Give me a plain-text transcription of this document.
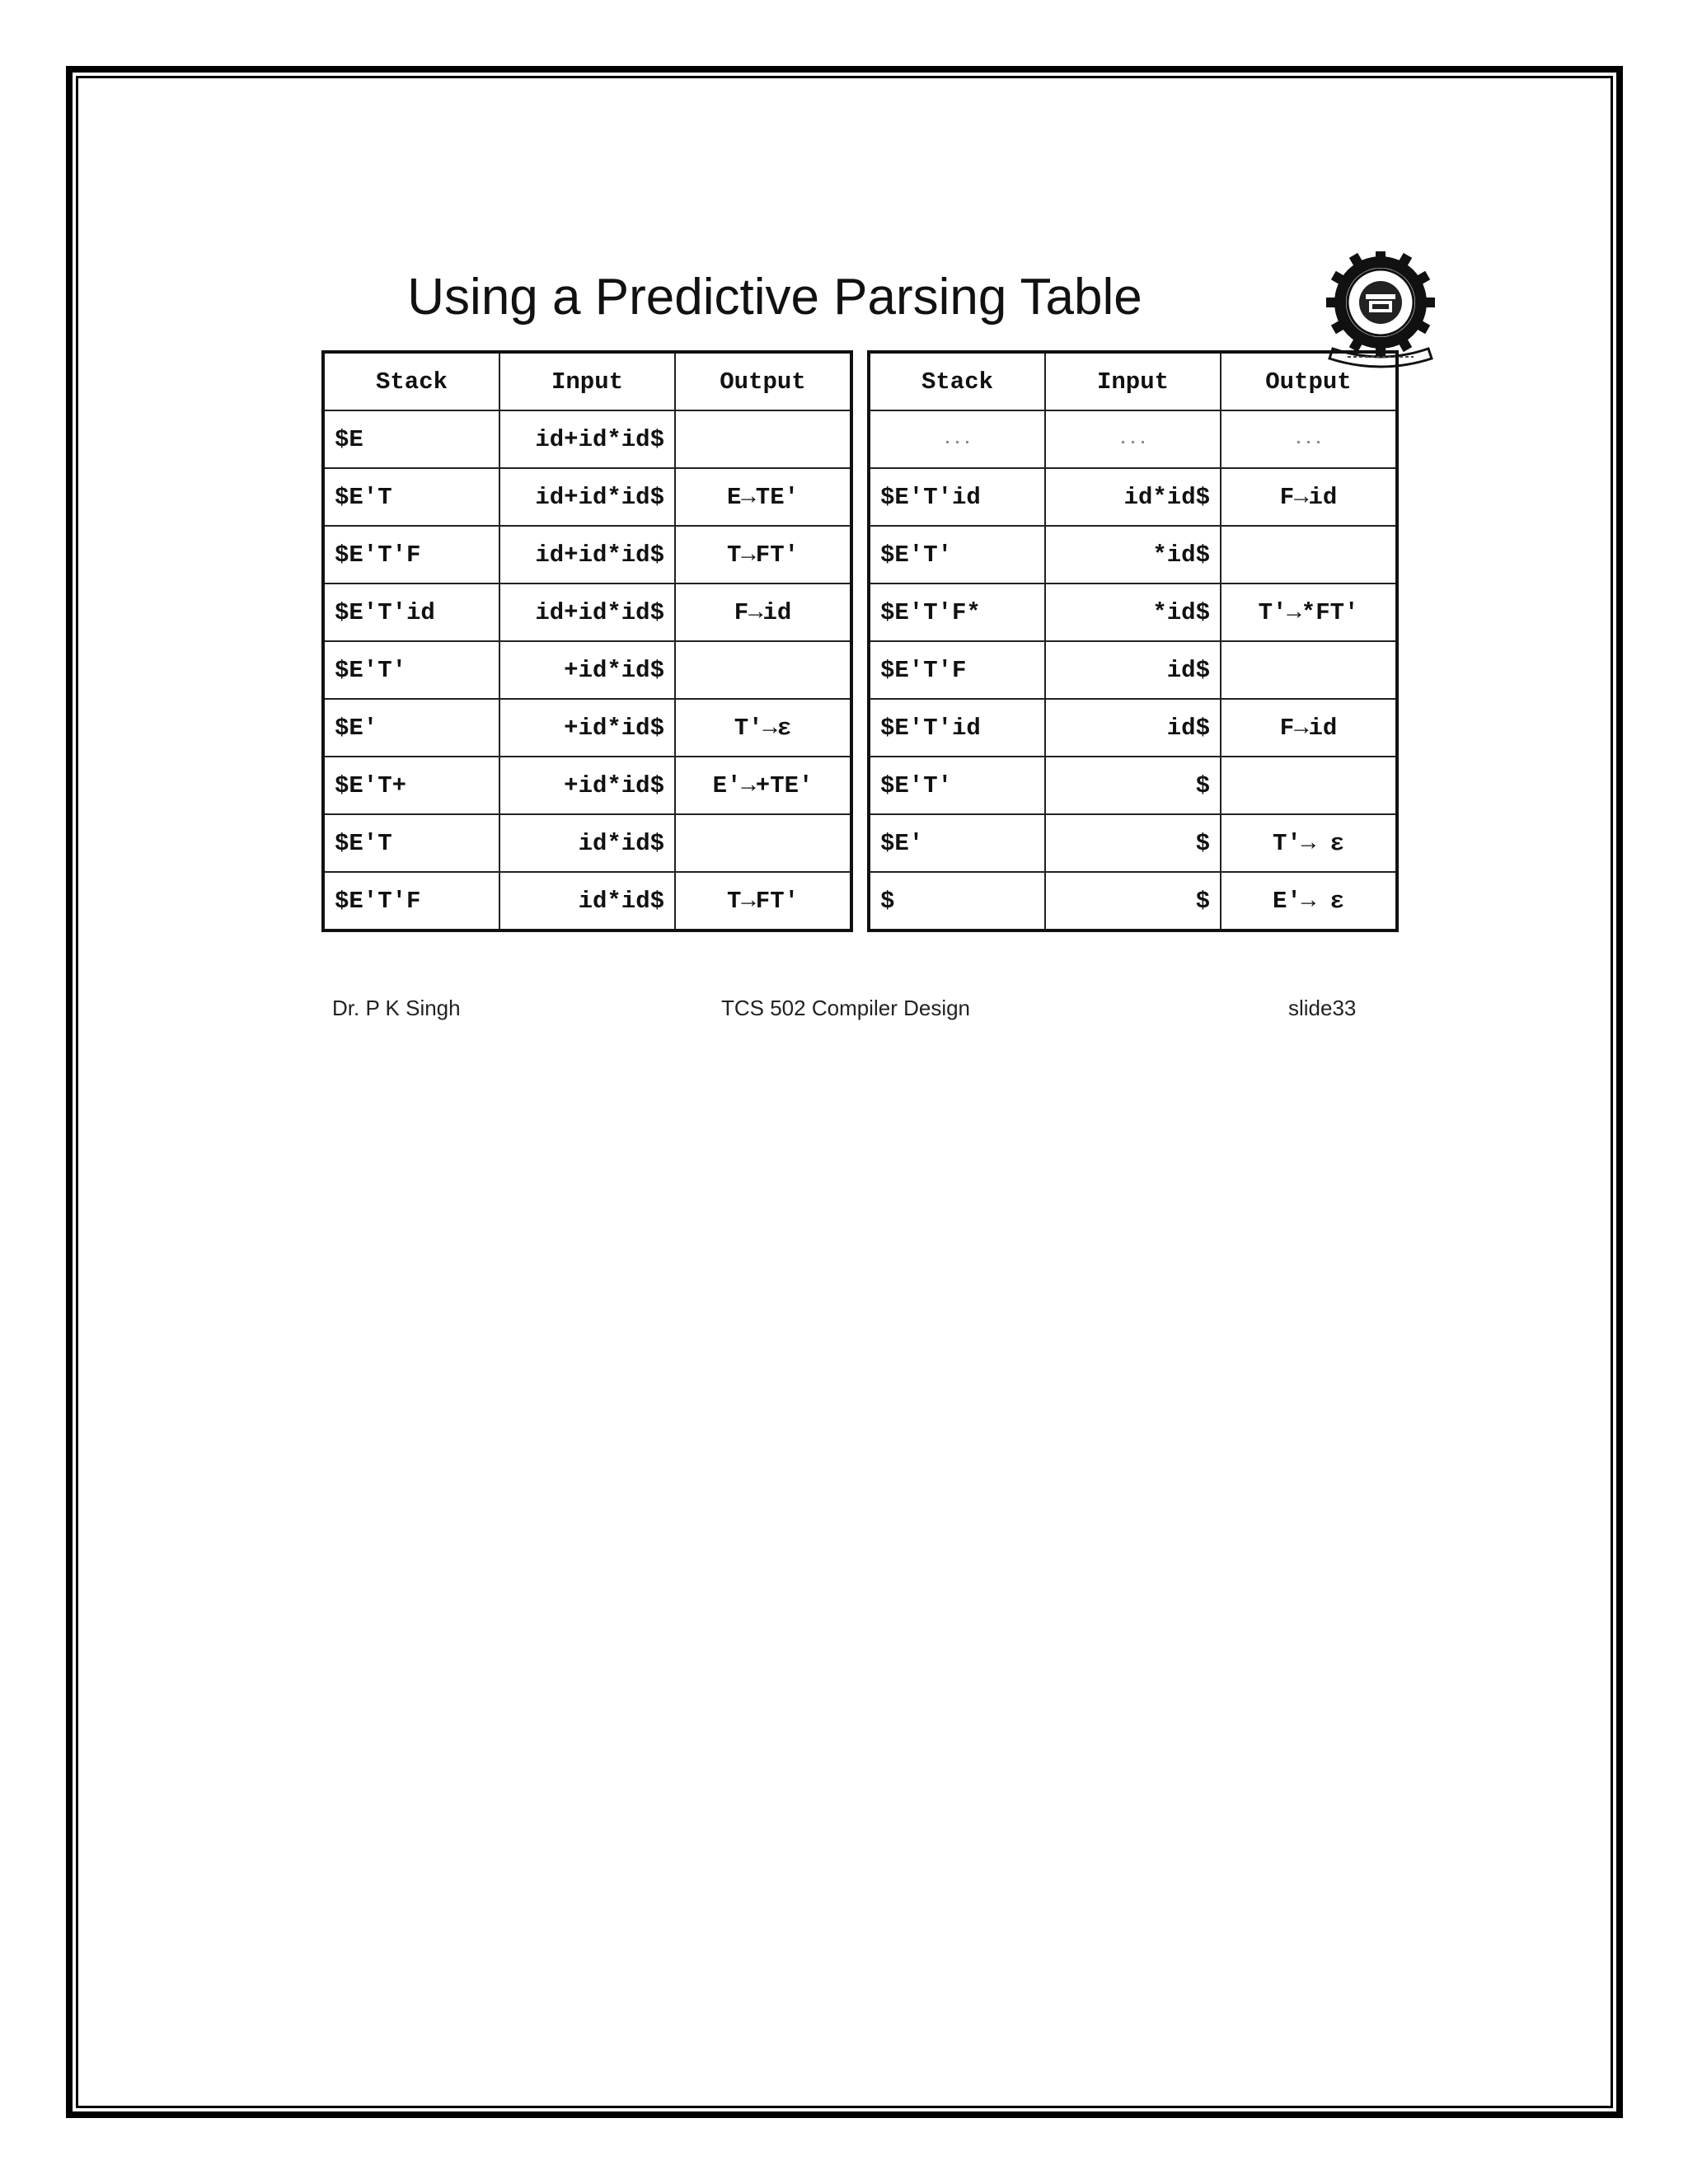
Using a Predictive Parsing Table
Stack	Input	Output
$E	id+id*id$	
$E′T	id+id*id$	E→TE′
$E′T′F	id+id*id$	T→FT′
$E′T′id	id+id*id$	F→id
$E′T′	+id*id$	
$E′	+id*id$	T′→ε
$E′T+	+id*id$	E′→+TE′
$E′T	id*id$	
$E′T′F	id*id$	T→FT′
Stack	Input	Output
...	...	...
$E′T′id	id*id$	F→id
$E′T′	*id$	
$E′T′F*	*id$	T′→*FT′
$E′T′F	id$	
$E′T′id	id$	F→id
$E′T′	$	
$E′	$	T′→ ε
$	$	E′→ ε
Dr. P K Singh	TCS 502 Compiler Design	slide33
